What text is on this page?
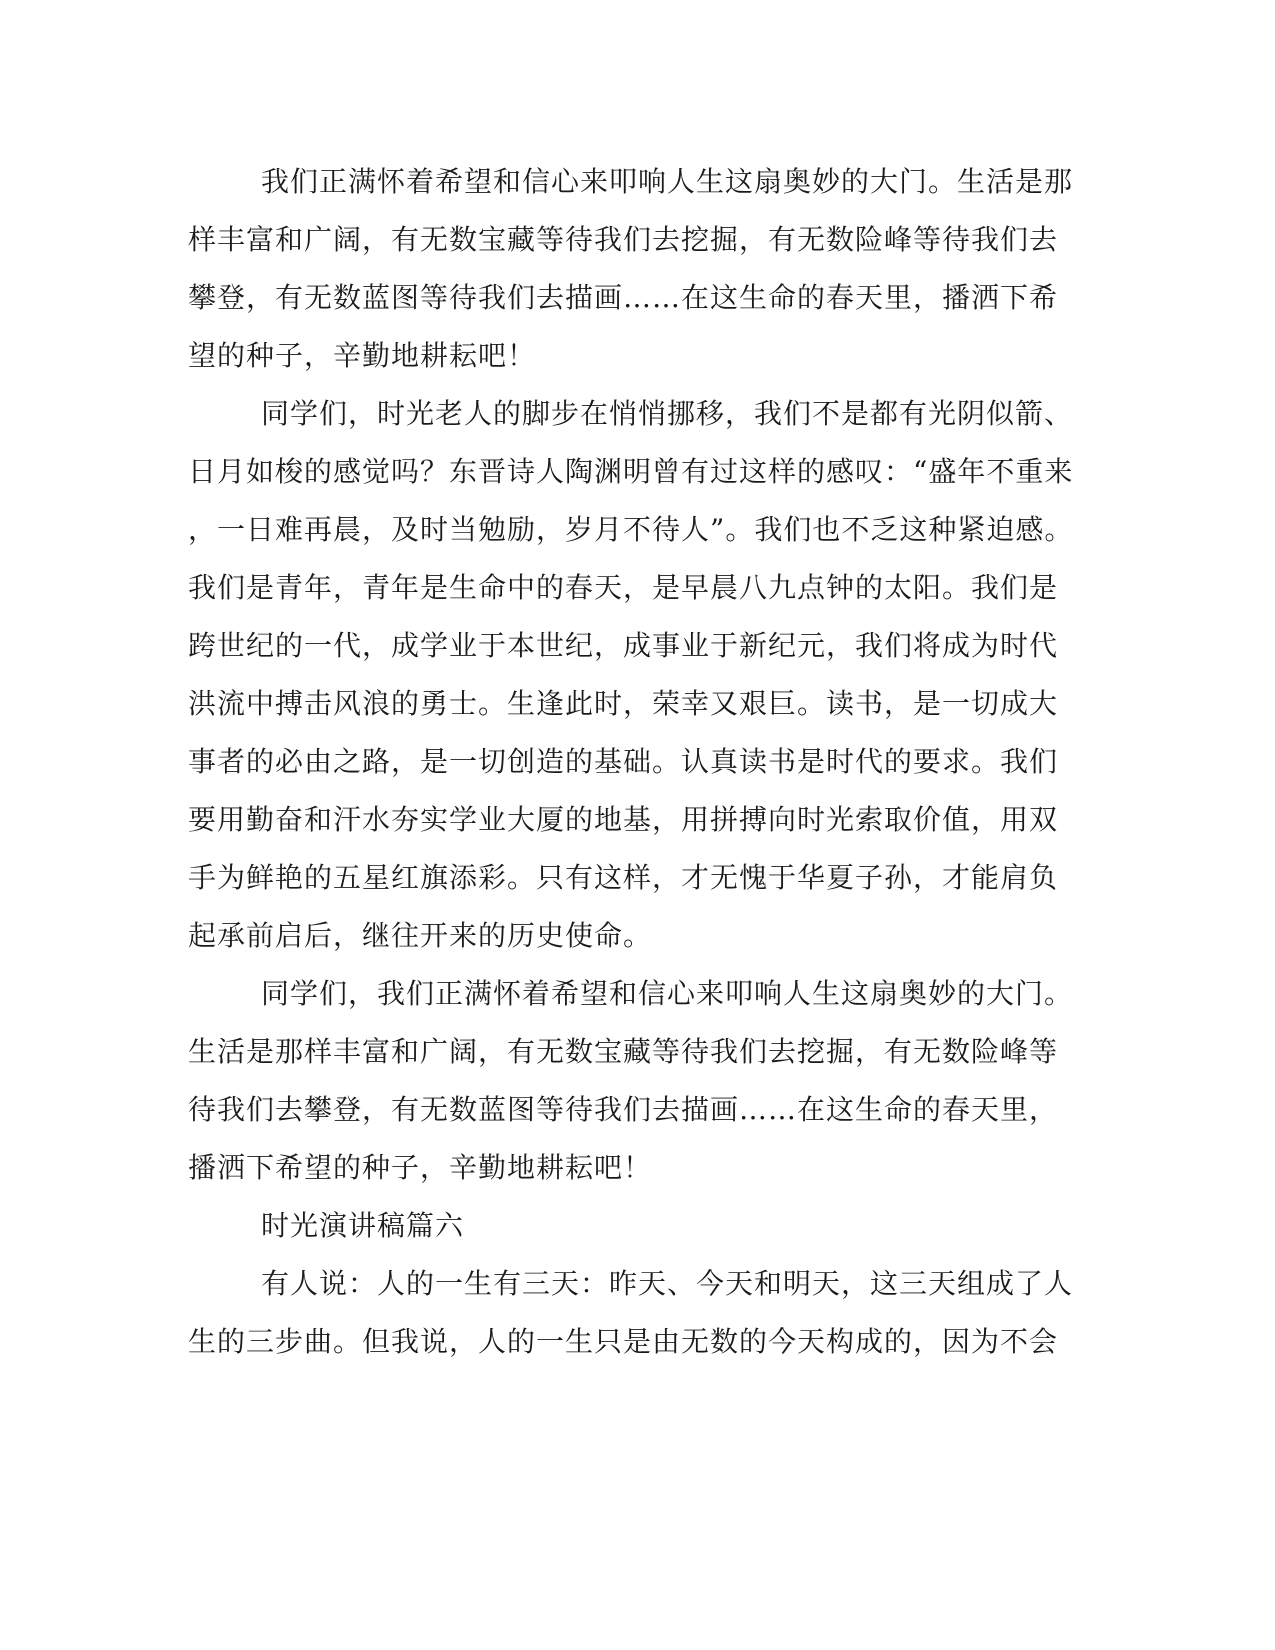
我们正满怀着希望和信心来叩响人生这扇奥妙的大门。生活是那
样丰富和广阔，有无数宝藏等待我们去挖掘，有无数险峰等待我们去
攀登，有无数蓝图等待我们去描画……在这生命的春天里，播洒下希
望的种子，辛勤地耕耘吧！
同学们，时光老人的脚步在悄悄挪移，我们不是都有光阴似箭、
日月如梭的感觉吗？东晋诗人陶渊明曾有过这样的感叹：“盛年不重来
，一日难再晨，及时当勉励，岁月不待人”。我们也不乏这种紧迫感。
我们是青年，青年是生命中的春天，是早晨八九点钟的太阳。我们是
跨世纪的一代，成学业于本世纪，成事业于新纪元，我们将成为时代
洪流中搏击风浪的勇士。生逢此时，荣幸又艰巨。读书，是一切成大
事者的必由之路，是一切创造的基础。认真读书是时代的要求。我们
要用勤奋和汗水夯实学业大厦的地基，用拼搏向时光索取价值，用双
手为鲜艳的五星红旗添彩。只有这样，才无愧于华夏子孙，才能肩负
起承前启后，继往开来的历史使命。
同学们，我们正满怀着希望和信心来叩响人生这扇奥妙的大门。
生活是那样丰富和广阔，有无数宝藏等待我们去挖掘，有无数险峰等
待我们去攀登，有无数蓝图等待我们去描画……在这生命的春天里，
播洒下希望的种子，辛勤地耕耘吧！
时光演讲稿篇六
有人说：人的一生有三天：昨天、今天和明天，这三天组成了人
生的三步曲。但我说，人的一生只是由无数的今天构成的，因为不会
